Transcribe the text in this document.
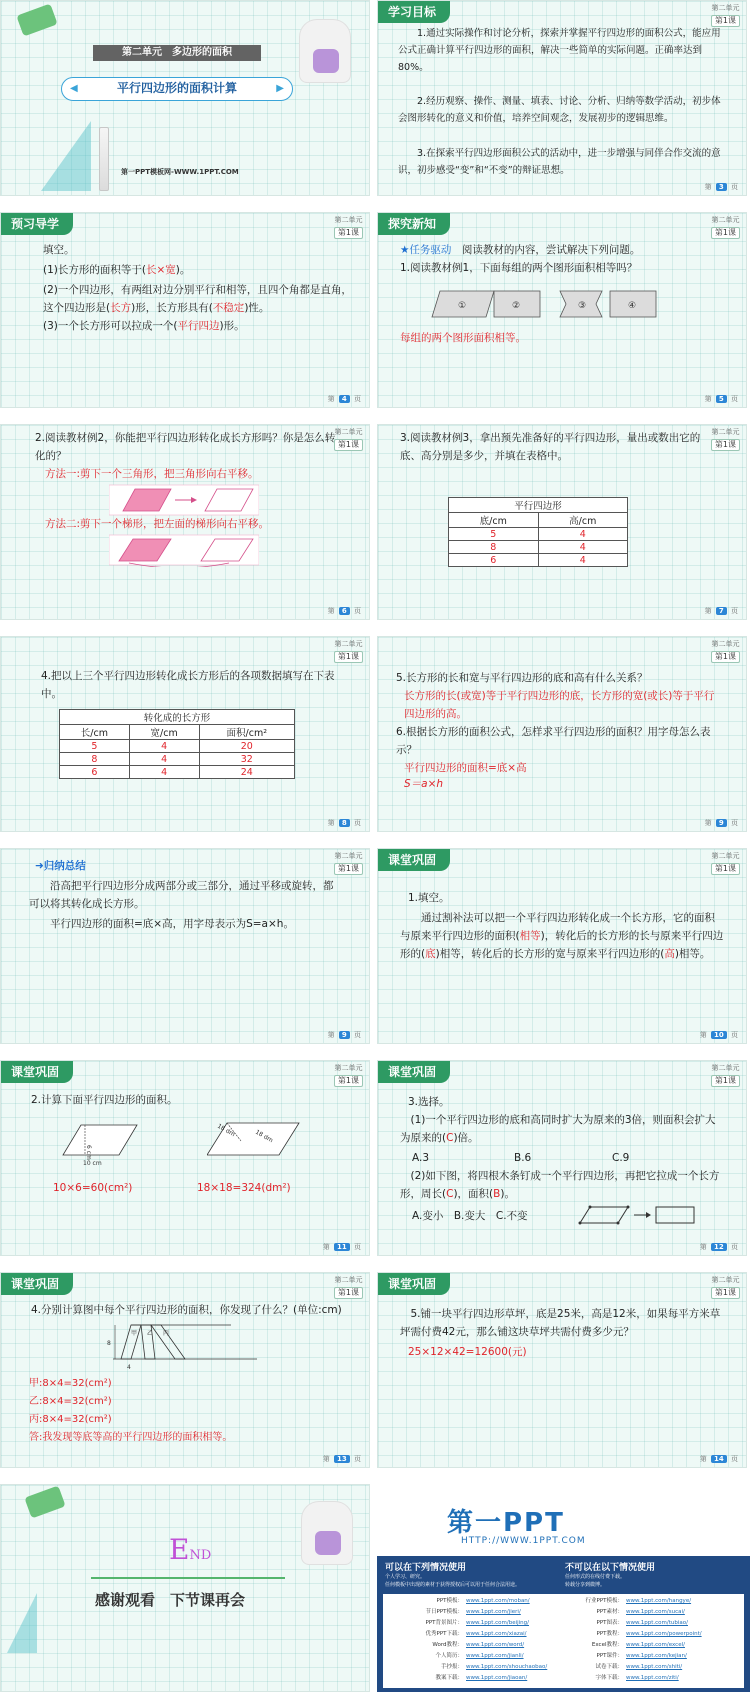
第二单元　多边形的面积
◀	平行四边形的面积计算	▶
第一PPT模板网-WWW.1PPT.COM
学习目标	第二单元
第1课
1.通过实际操作和讨论分析，探索并掌握平行四边形的面积公式，能应用公式正确计算平行四边形的面积，解决一些简单的实际问题。正确率达到80%。
2.经历观察、操作、测量、填表、讨论、分析、归纳等数学活动，初步体会图形转化的意义和价值，培养空间观念，发展初步的逻辑思维。
3.在探索平行四边形面积公式的活动中，进一步增强与同伴合作交流的意识，初步感受“变”和“不变”的辩证思想。
第 3 页
预习导学	第二单元
第1课
填空。
(1)长方形的面积等于(长×宽)。
(2)一个四边形，有两组对边分别平行和相等，且四个角都是直角，这个四边形是(长方)形，长方形具有(不稳定)性。
(3)一个长方形可以拉成一个(平行四边)形。
第 4 页
探究新知	第二单元
第1课
★任务驱动　 阅读教材的内容，尝试解决下列问题。
1.阅读教材例1，下面每组的两个图形面积相等吗？
①	②	③	④
每组的两个图形面积相等。
第 5 页
第二单元
第1课
2.阅读教材例2，你能把平行四边形转化成长方形吗？你是怎么转化的？
方法一:剪下一个三角形，把三角形向右平移。
方法二:剪下一个梯形，把左面的梯形向右平移。
第 6 页
第二单元
第1课
3.阅读教材例3，拿出预先准备好的平行四边形，量出或数出它的底、高分别是多少，并填在表格中。
平行四边形	
底/cm	高/cm
5	4
8	4
6	4
第 7 页
第二单元
第1课
4.把以上三个平行四边形转化成长方形后的各项数据填写在下表中。
转化成的长方形		
长/cm	宽/cm	面积/cm²
5	4	20
8	4	32
6	4	24
第 8 页
第二单元
第1课
5.长方形的长和宽与平行四边形的底和高有什么关系？
长方形的长(或宽)等于平行四边形的底，长方形的宽(或长)等于平行四边形的高。
6.根据长方形的面积公式，怎样求平行四边形的面积？用字母怎么表示？
平行四边形的面积=底×高
S＝a×h
第 9 页
第二单元
第1课
➜归纳总结
沿高把平行四边形分成两部分或三部分，通过平移或旋转，都可以将其转化成长方形。
平行四边形的面积=底×高，用字母表示为S=a×h。
第 9 页
课堂巩固	第二单元
第1课
1.填空。
通过割补法可以把一个平行四边形转化成一个长方形，它的面积与原来平行四边形的面积(相等)，转化后的长方形的长与原来平行四边形的(底)相等，转化后的长方形的宽与原来平行四边形的(高)相等。
第 10 页
课堂巩固	第二单元
第1课
2.计算下面平行四边形的面积。
6 cm
10 cm
18 dm	18 dm
10×6=60(cm²)	18×18=324(dm²)
第 11 页
课堂巩固	第二单元
第1课
3.选择。
(1)一个平行四边形的底和高同时扩大为原来的3倍，则面积会扩大为原来的(C)倍。
A.3	B.6	C.9
(2)如下图，将四根木条钉成一个平行四边形，再把它拉成一个长方形，周长(C)，面积(B)。
A.变小　B.变大　C.不变
第 12 页
课堂巩固	第二单元
第1课
4.分别计算图中每个平行四边形的面积，你发现了什么？(单位:cm)
8
4
甲 乙 丙
甲:8×4=32(cm²)
乙:8×4=32(cm²)
丙:8×4=32(cm²)
答:我发现等底等高的平行四边形的面积相等。
第 13 页
课堂巩固	第二单元
第1课
5.铺一块平行四边形草坪，底是25米，高是12米，如果每平方米草坪需付费42元，那么铺这块草坪共需付费多少元？
25×12×42=12600(元)
第 14 页
END
感谢观看　下节课再会
第一PPT
HTTP://WWW.1PPT.COM
可以在下列情况使用
个人学习、研究。
任何模板中出现的素材于获得授权后可以用于任何合法用途。
不可以在以下情况使用
任何形式的在线付费下载。
转载分享到微博。
PPT模板： www.1ppt.com/moban/
节日PPT模板： www.1ppt.com/jieri/
PPT背景图片： www.1ppt.com/beijing/
优秀PPT下载： www.1ppt.com/xiazai/
Word教程： www.1ppt.com/word/
个人简历： www.1ppt.com/jianli/
手抄报： www.1ppt.com/shouchaobao/
教案下载： www.1ppt.com/jiaoan/
行业PPT模板： www.1ppt.com/hangye/
PPT素材： www.1ppt.com/sucai/
PPT图表： www.1ppt.com/tubiao/
PPT教程： www.1ppt.com/powerpoint/
Excel教程： www.1ppt.com/excel/
PPT课件： www.1ppt.com/kejian/
试卷下载： www.1ppt.com/shiti/
字体下载： www.1ppt.com/ziti/
